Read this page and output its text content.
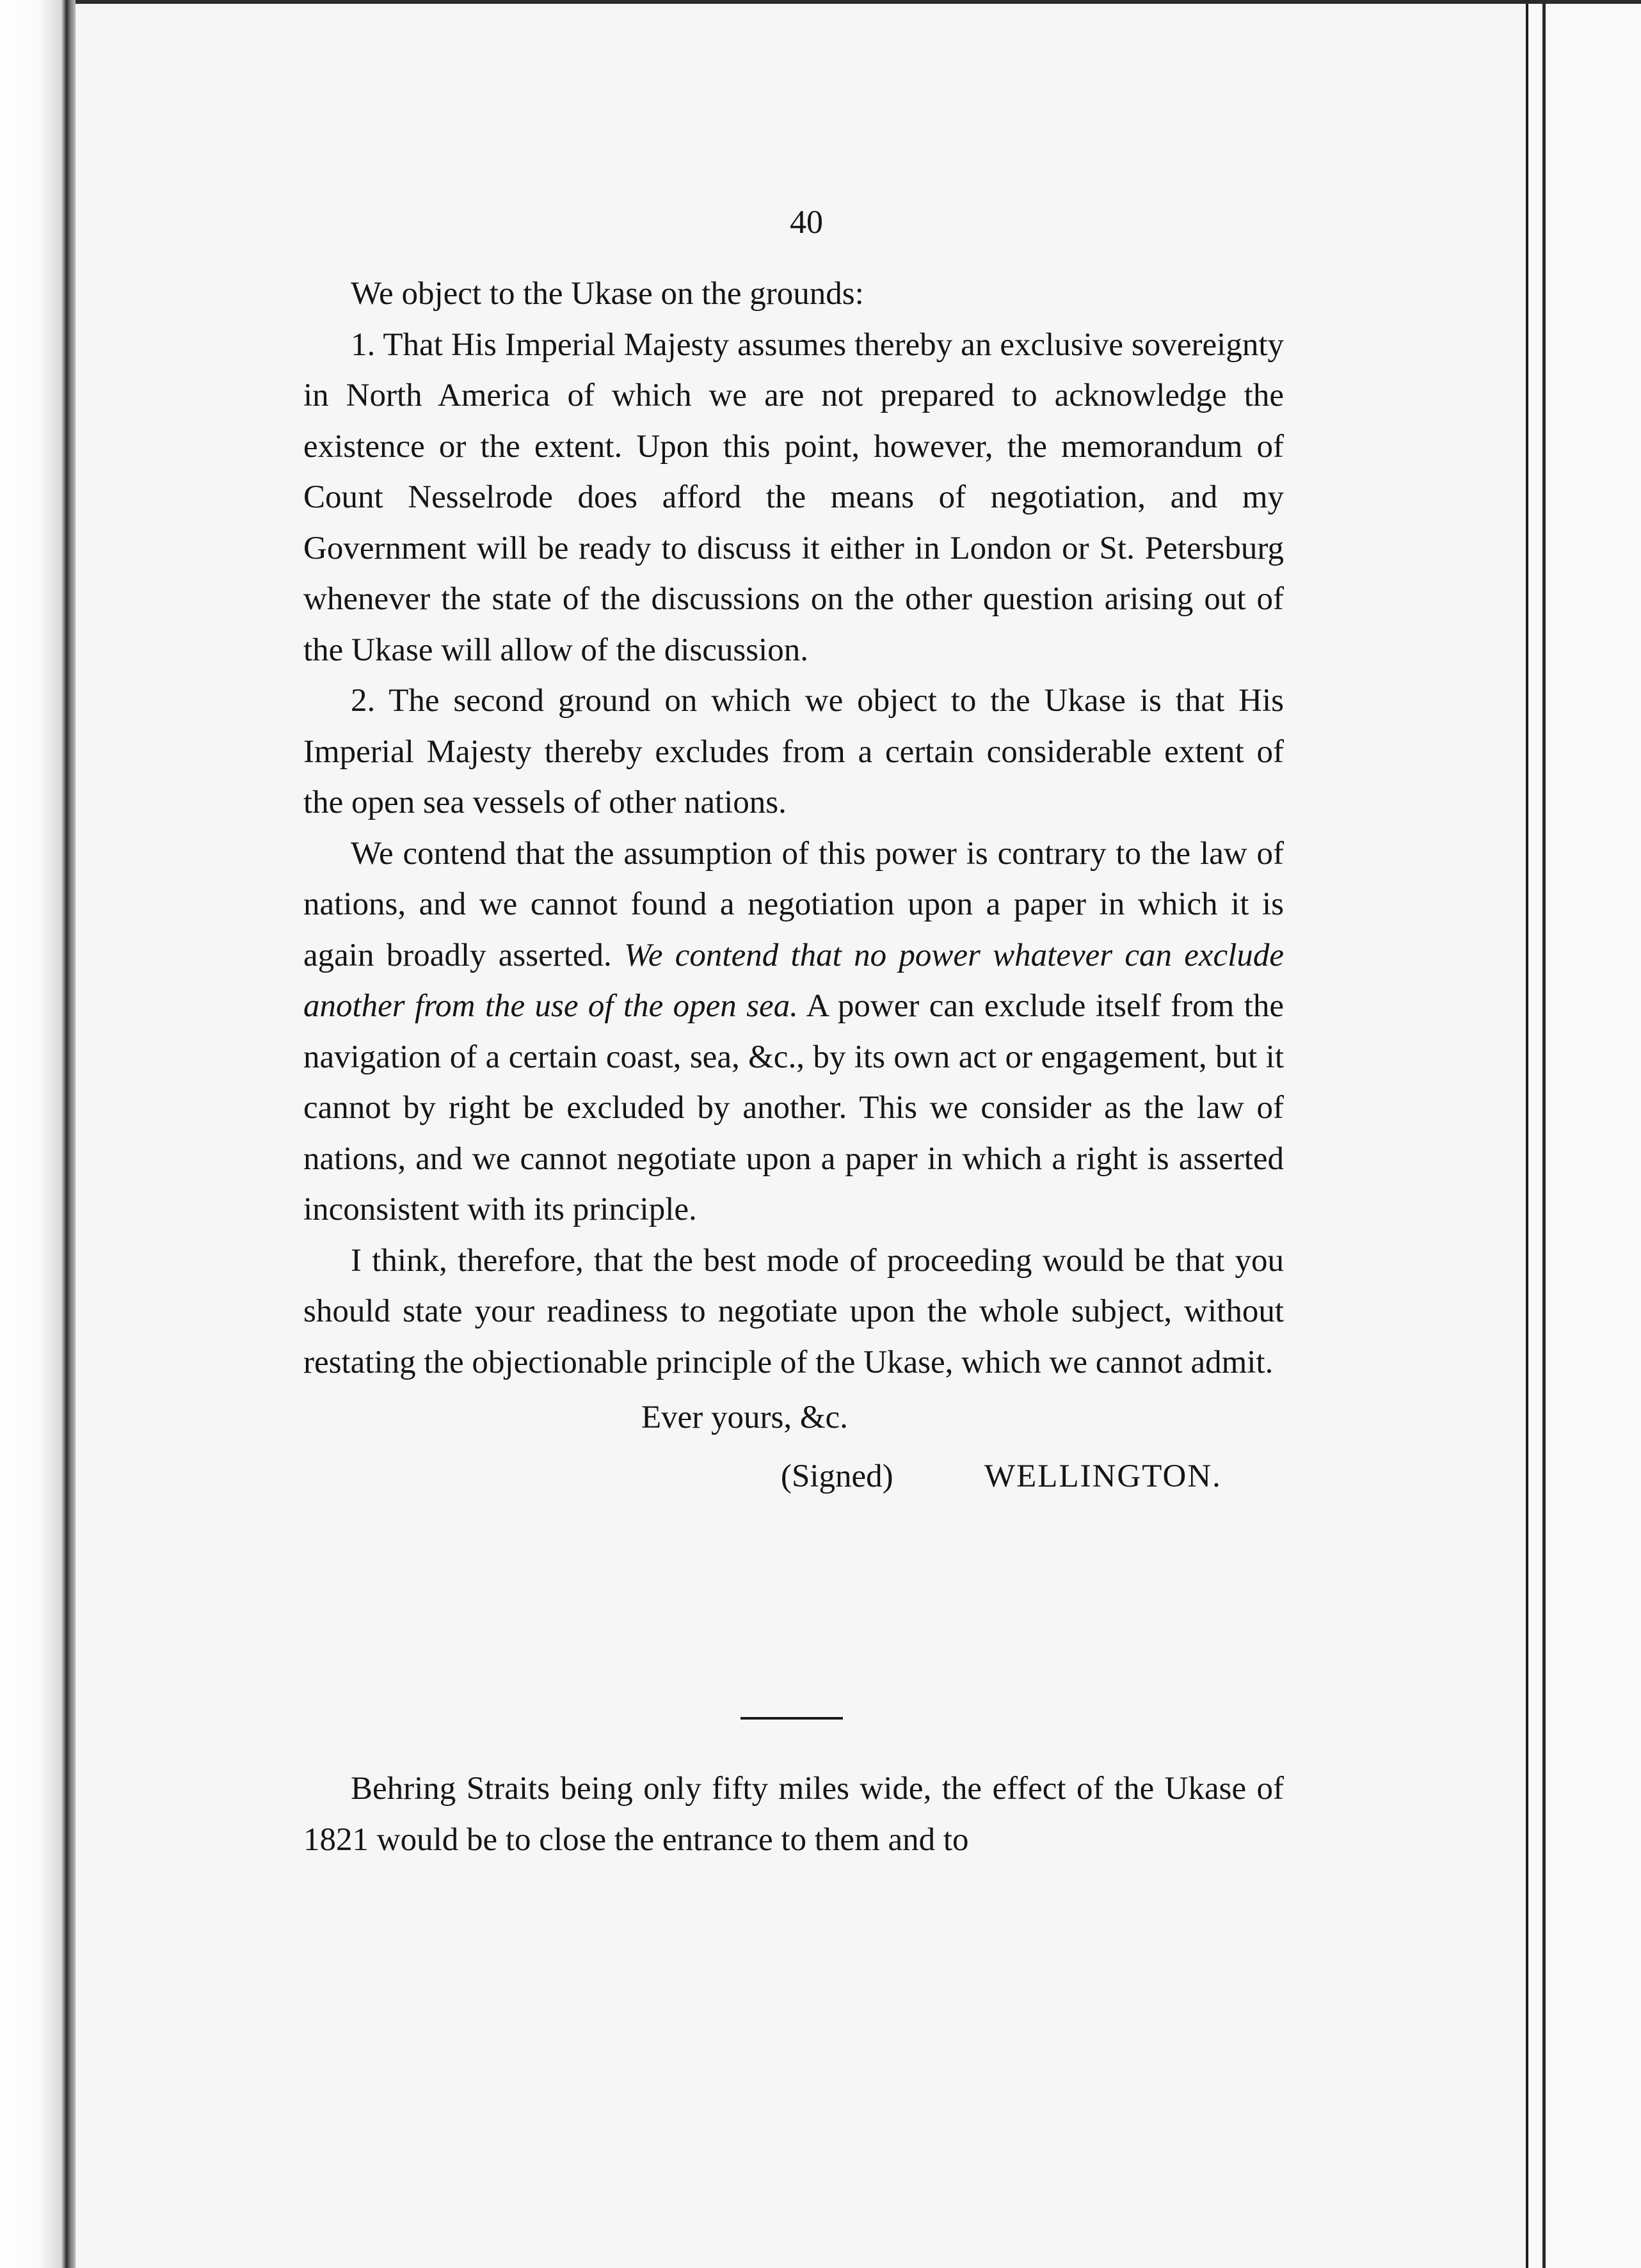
40

We object to the Ukase on the grounds:

1. That His Imperial Majesty assumes thereby an exclusive sovereignty in North America of which we are not prepared to acknowledge the existence or the extent. Upon this point, however, the memorandum of Count Nesselrode does afford the means of negotiation, and my Government will be ready to discuss it either in London or St. Petersburg whenever the state of the discussions on the other question arising out of the Ukase will allow of the discussion.

2. The second ground on which we object to the Ukase is that His Imperial Majesty thereby excludes from a certain considerable extent of the open sea vessels of other nations.

We contend that the assumption of this power is contrary to the law of nations, and we cannot found a negotiation upon a paper in which it is again broadly asserted. We contend that no power whatever can exclude another from the use of the open sea. A power can exclude itself from the navigation of a certain coast, sea, &c., by its own act or engagement, but it cannot by right be excluded by another. This we consider as the law of nations, and we cannot negotiate upon a paper in which a right is asserted inconsistent with its principle.

I think, therefore, that the best mode of proceeding would be that you should state your readiness to negotiate upon the whole subject, without restating the objectionable principle of the Ukase, which we cannot admit.

Ever yours, &c.
(Signed)	WELLINGTON.

Behring Straits being only fifty miles wide, the effect of the Ukase of 1821 would be to close the entrance to them and to
